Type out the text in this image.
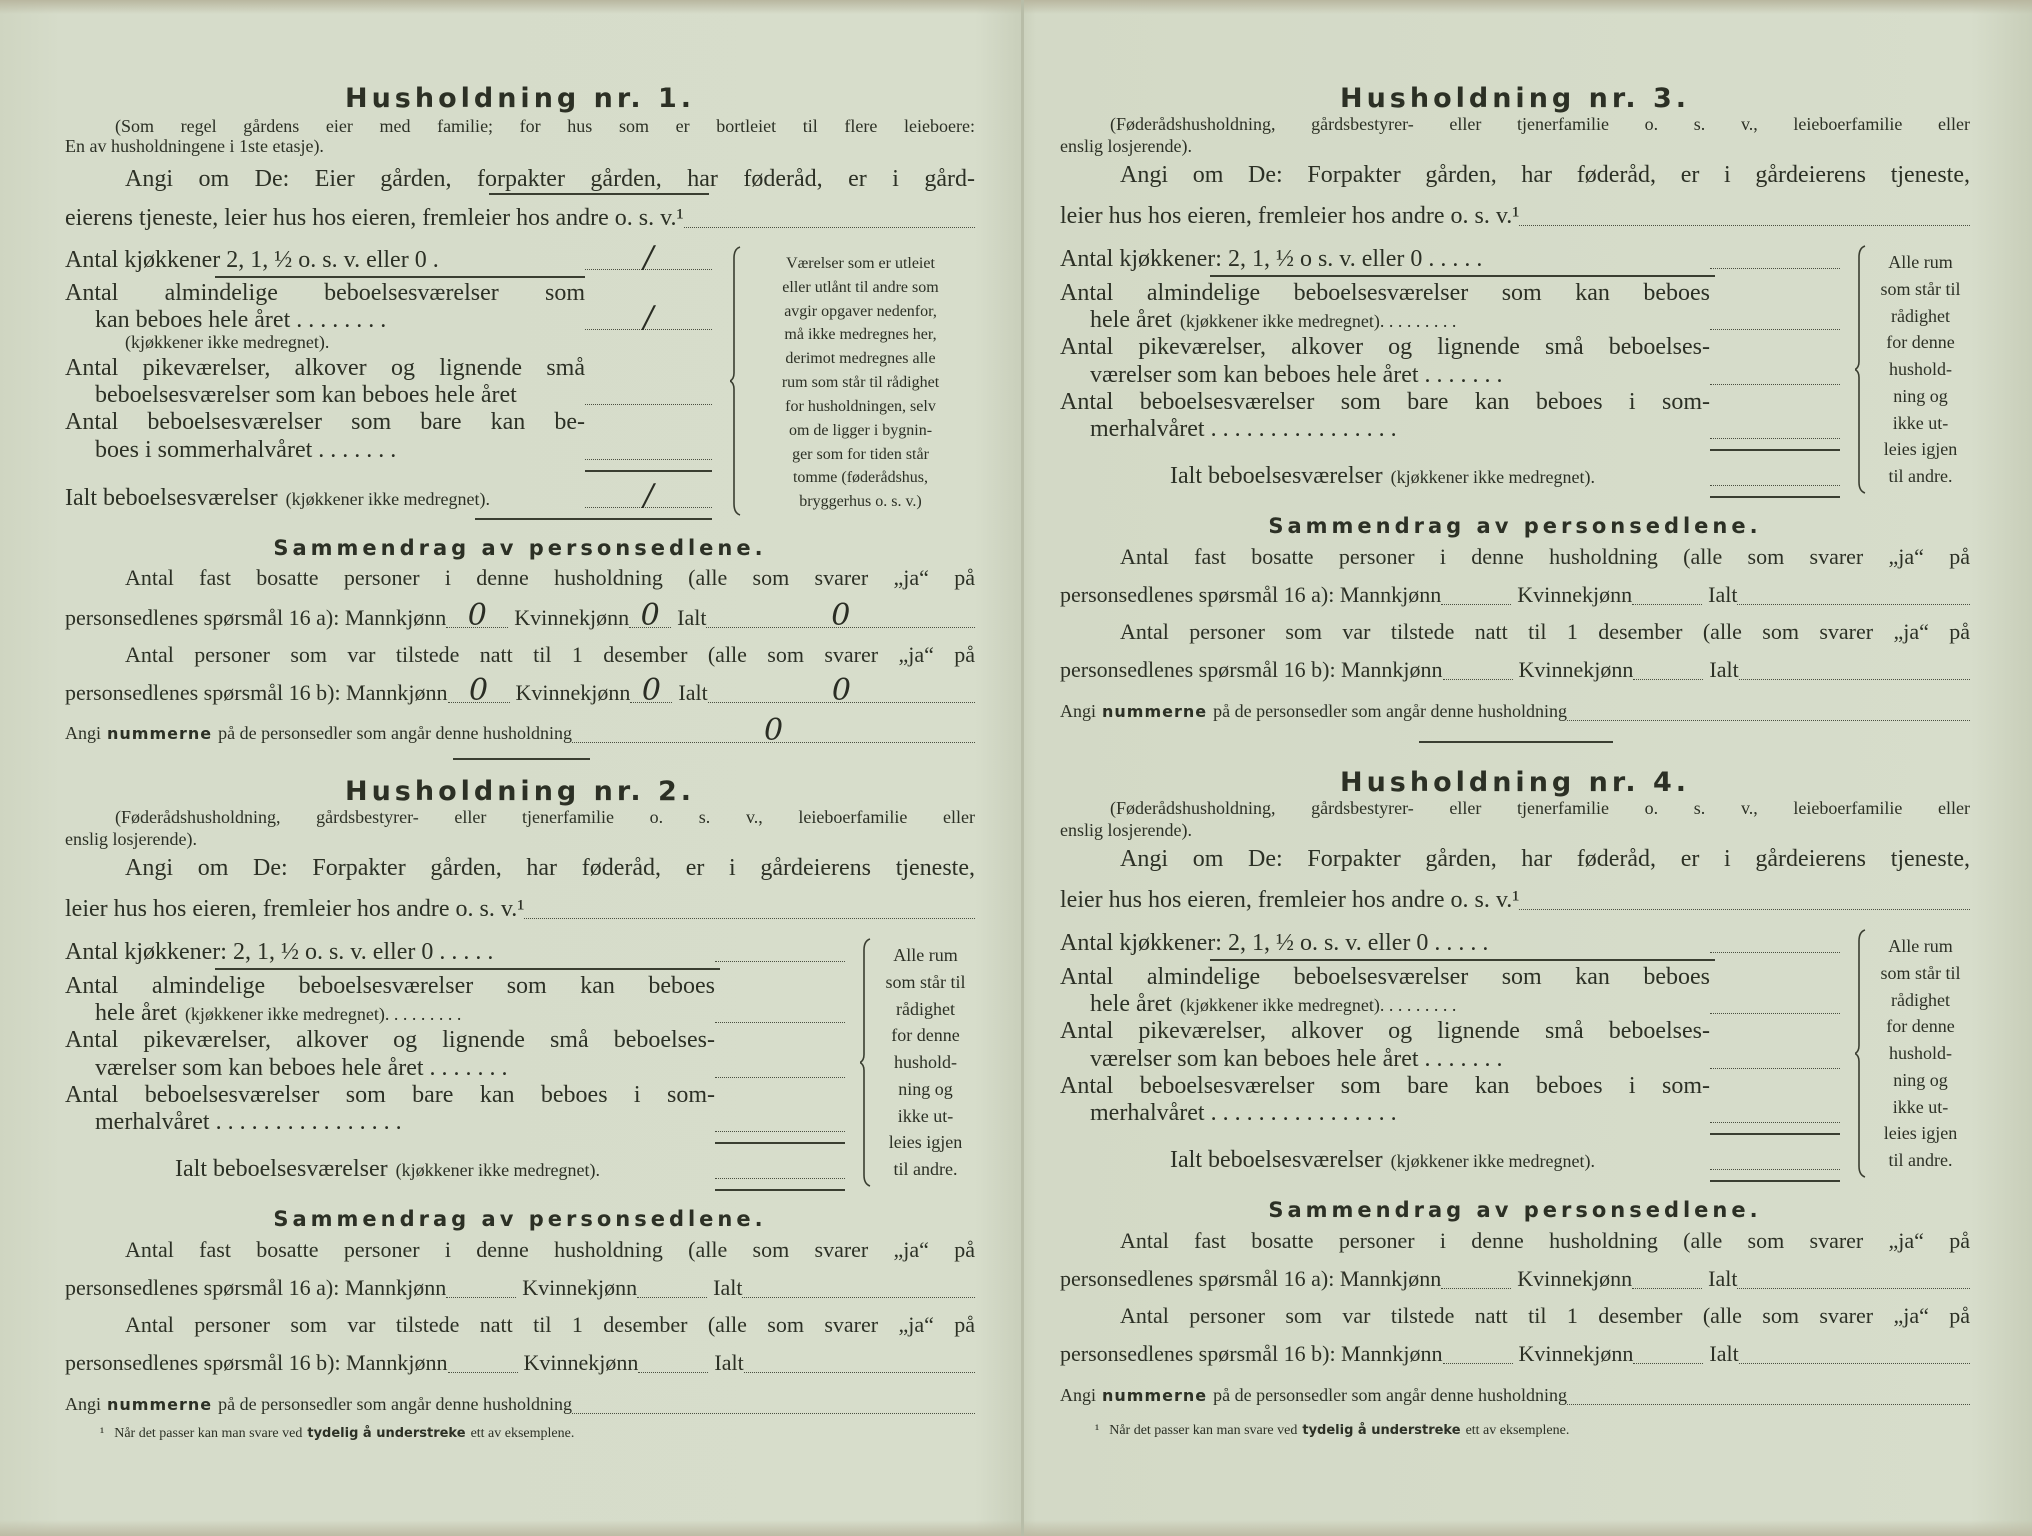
Husholdning nr. 1.
(Som regel gårdens eier med familie; for hus som er bortleiet til flere leieboere:
En av husholdningene i 1ste etasje).
Angi om De: Eier gården, forpakter gården, har føderåd, er i gård-
eierens tjeneste, leier hus hos eieren, fremleier hos andre o. s. v.¹
Antal kjøkkener 2, 1, ½ o. s. v. eller 0 .	/
Antal almindelige beboelsesværelser som
kan beboes hele året . . . . . . . .	/
(kjøkkener ikke medregnet).
Antal pikeværelser, alkover og lignende små
beboelsesværelser som kan beboes hele året
Antal beboelsesværelser som bare kan be-
boes i sommerhalvåret . . . . . . .
Ialt beboelsesværelser (kjøkkener ikke medregnet).	/
Værelser som er utleiet
eller utlånt til andre som
avgir opgaver nedenfor,
må ikke medregnes her,
derimot medregnes alle
rum som står til rådighet
for husholdningen, selv
om de ligger i bygnin-
ger som for tiden står
tomme (føderådshus,
bryggerhus o. s. v.)
Sammendrag av personsedlene.
Antal fast bosatte personer i denne husholdning (alle som svarer „ja“ på
personsedlenes spørsmål 16 a): Mannkjønn 0	Kvinnekjønn 0 Ialt	0
Antal personer som var tilstede natt til 1 desember (alle som svarer „ja“ på
personsedlenes spørsmål 16 b): Mannkjønn 0	Kvinnekjønn 0 Ialt	0
Angi nummerne på de personsedler som angår denne husholdning	0
Husholdning nr. 2.
(Føderådshusholdning, gårdsbestyrer- eller tjenerfamilie o. s. v., leieboerfamilie eller
enslig losjerende).
Angi om De: Forpakter gården, har føderåd, er i gårdeierens tjeneste,
leier hus hos eieren, fremleier hos andre o. s. v.¹
Antal kjøkkener: 2, 1, ½ o. s. v. eller 0 . . . . .
Antal almindelige beboelsesværelser som kan beboes
hele året (kjøkkener ikke medregnet). . . . . . . . .
Antal pikeværelser, alkover og lignende små beboelses-
værelser som kan beboes hele året . . . . . . .
Antal beboelsesværelser som bare kan beboes i som-
merhalvåret . . . . . . . . . . . . . . . .
Ialt beboelsesværelser (kjøkkener ikke medregnet).
Alle rum
som står til
rådighet
for denne
hushold-
ning og
ikke ut-
leies igjen
til andre.
Sammendrag av personsedlene.
Antal fast bosatte personer i denne husholdning (alle som svarer „ja“ på
personsedlenes spørsmål 16 a): Mannkjønn	Kvinnekjønn	Ialt
Antal personer som var tilstede natt til 1 desember (alle som svarer „ja“ på
personsedlenes spørsmål 16 b): Mannkjønn	Kvinnekjønn	Ialt
Angi nummerne på de personsedler som angår denne husholdning
Husholdning nr. 3.
(Føderådshusholdning, gårdsbestyrer- eller tjenerfamilie o. s. v., leieboerfamilie eller
enslig losjerende).
Angi om De: Forpakter gården, har føderåd, er i gårdeierens tjeneste,
leier hus hos eieren, fremleier hos andre o. s. v.¹
Antal kjøkkener: 2, 1, ½ o s. v. eller 0 . . . . .
Antal almindelige beboelsesværelser som kan beboes
hele året (kjøkkener ikke medregnet). . . . . . . . .
Antal pikeværelser, alkover og lignende små beboelses-
værelser som kan beboes hele året . . . . . . .
Antal beboelsesværelser som bare kan beboes i som-
merhalvåret . . . . . . . . . . . . . . . .
Ialt beboelsesværelser (kjøkkener ikke medregnet).
Alle rum
som står til
rådighet
for denne
hushold-
ning og
ikke ut-
leies igjen
til andre.
Sammendrag av personsedlene.
Antal fast bosatte personer i denne husholdning (alle som svarer „ja“ på
personsedlenes spørsmål 16 a): Mannkjønn	Kvinnekjønn	Ialt
Antal personer som var tilstede natt til 1 desember (alle som svarer „ja“ på
personsedlenes spørsmål 16 b): Mannkjønn	Kvinnekjønn	Ialt
Angi nummerne på de personsedler som angår denne husholdning
Husholdning nr. 4.
(Føderådshusholdning, gårdsbestyrer- eller tjenerfamilie o. s. v., leieboerfamilie eller
enslig losjerende).
Angi om De: Forpakter gården, har føderåd, er i gårdeierens tjeneste,
leier hus hos eieren, fremleier hos andre o. s. v.¹
Antal kjøkkener: 2, 1, ½ o. s. v. eller 0 . . . . .
Antal almindelige beboelsesværelser som kan beboes
hele året (kjøkkener ikke medregnet). . . . . . . . .
Antal pikeværelser, alkover og lignende små beboelses-
værelser som kan beboes hele året . . . . . . .
Antal beboelsesværelser som bare kan beboes i som-
merhalvåret . . . . . . . . . . . . . . . .
Ialt beboelsesværelser (kjøkkener ikke medregnet).
Alle rum
som står til
rådighet
for denne
hushold-
ning og
ikke ut-
leies igjen
til andre.
Sammendrag av personsedlene.
Antal fast bosatte personer i denne husholdning (alle som svarer „ja“ på
personsedlenes spørsmål 16 a): Mannkjønn	Kvinnekjønn	Ialt
Antal personer som var tilstede natt til 1 desember (alle som svarer „ja“ på
personsedlenes spørsmål 16 b): Mannkjønn	Kvinnekjønn	Ialt
Angi nummerne på de personsedler som angår denne husholdning
¹ Når det passer kan man svare ved tydelig å understreke ett av eksemplene.	¹ Når det passer kan man svare ved tydelig å understreke ett av eksemplene.
